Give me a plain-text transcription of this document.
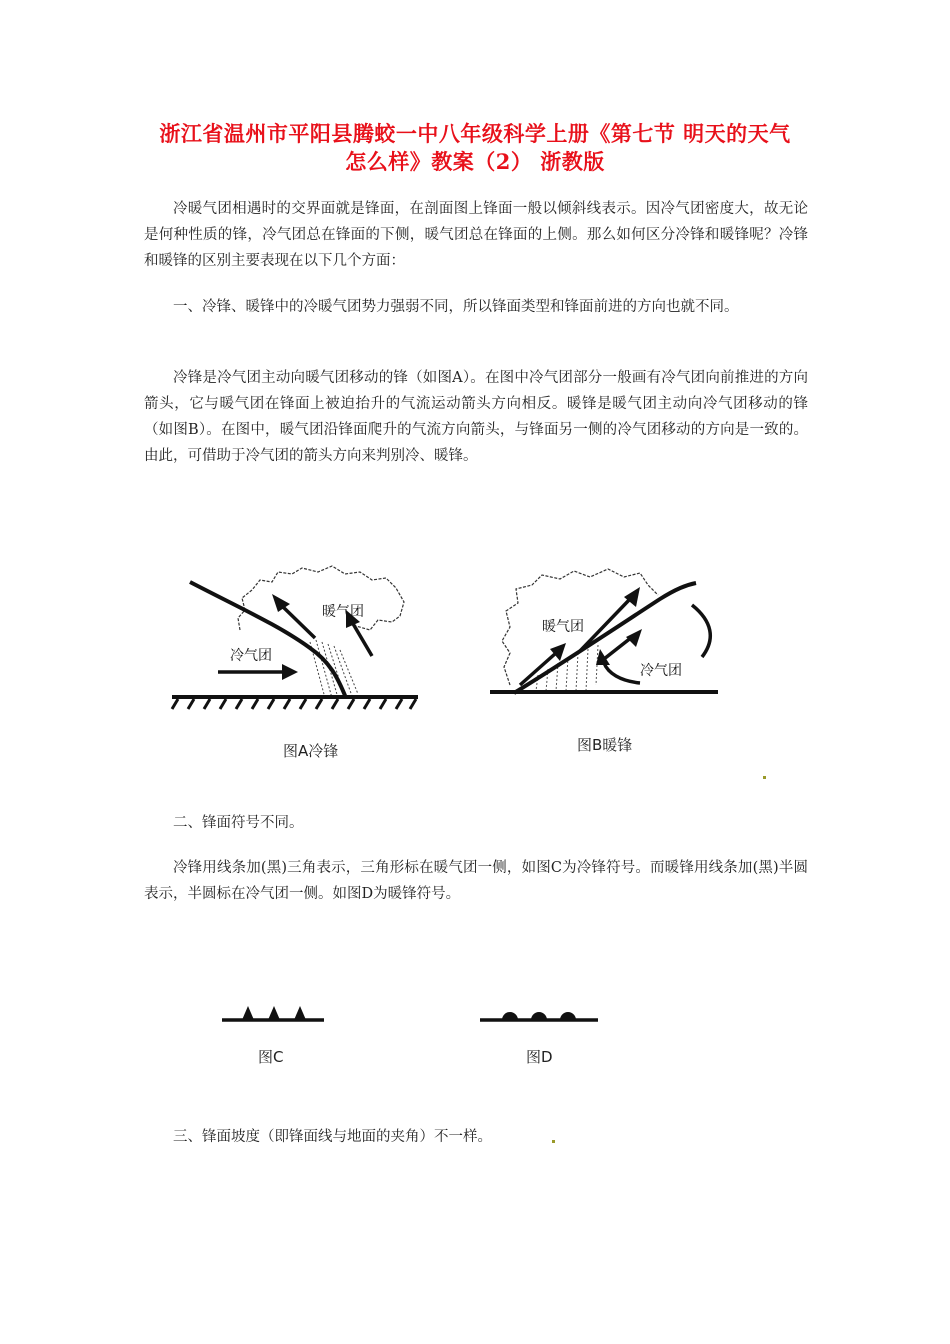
浙江省温州市平阳县腾蛟一中八年级科学上册《第七节 明天的天气
怎么样》教案（2） 浙教版

冷暖气团相遇时的交界面就是锋面，在剖面图上锋面一般以倾斜线表示。因冷气团密度大，故无论是何种性质的锋，冷气团总在锋面的下侧，暖气团总在锋面的上侧。那么如何区分冷锋和暖锋呢？冷锋和暖锋的区别主要表现在以下几个方面：

一、冷锋、暖锋中的冷暖气团势力强弱不同，所以锋面类型和锋面前进的方向也就不同。

冷锋是冷气团主动向暖气团移动的锋（如图A）。在图中冷气团部分一般画有冷气团向前推进的方向箭头，它与暖气团在锋面上被迫抬升的气流运动箭头方向相反。暖锋是暖气团主动向冷气团移动的锋（如图B）。在图中，暖气团沿锋面爬升的气流方向箭头，与锋面另一侧的冷气团移动的方向是一致的。由此，可借助于冷气团的箭头方向来判别冷、暖锋。

暖气团
冷气团
图A冷锋
暖气团
冷气团
图B暖锋

二、锋面符号不同。

冷锋用线条加(黑)三角表示，三角形标在暖气团一侧，如图C为冷锋符号。而暖锋用线条加(黑)半圆表示，半圆标在冷气团一侧。如图D为暖锋符号。

图C	图D

三、锋面坡度（即锋面线与地面的夹角）不一样。
